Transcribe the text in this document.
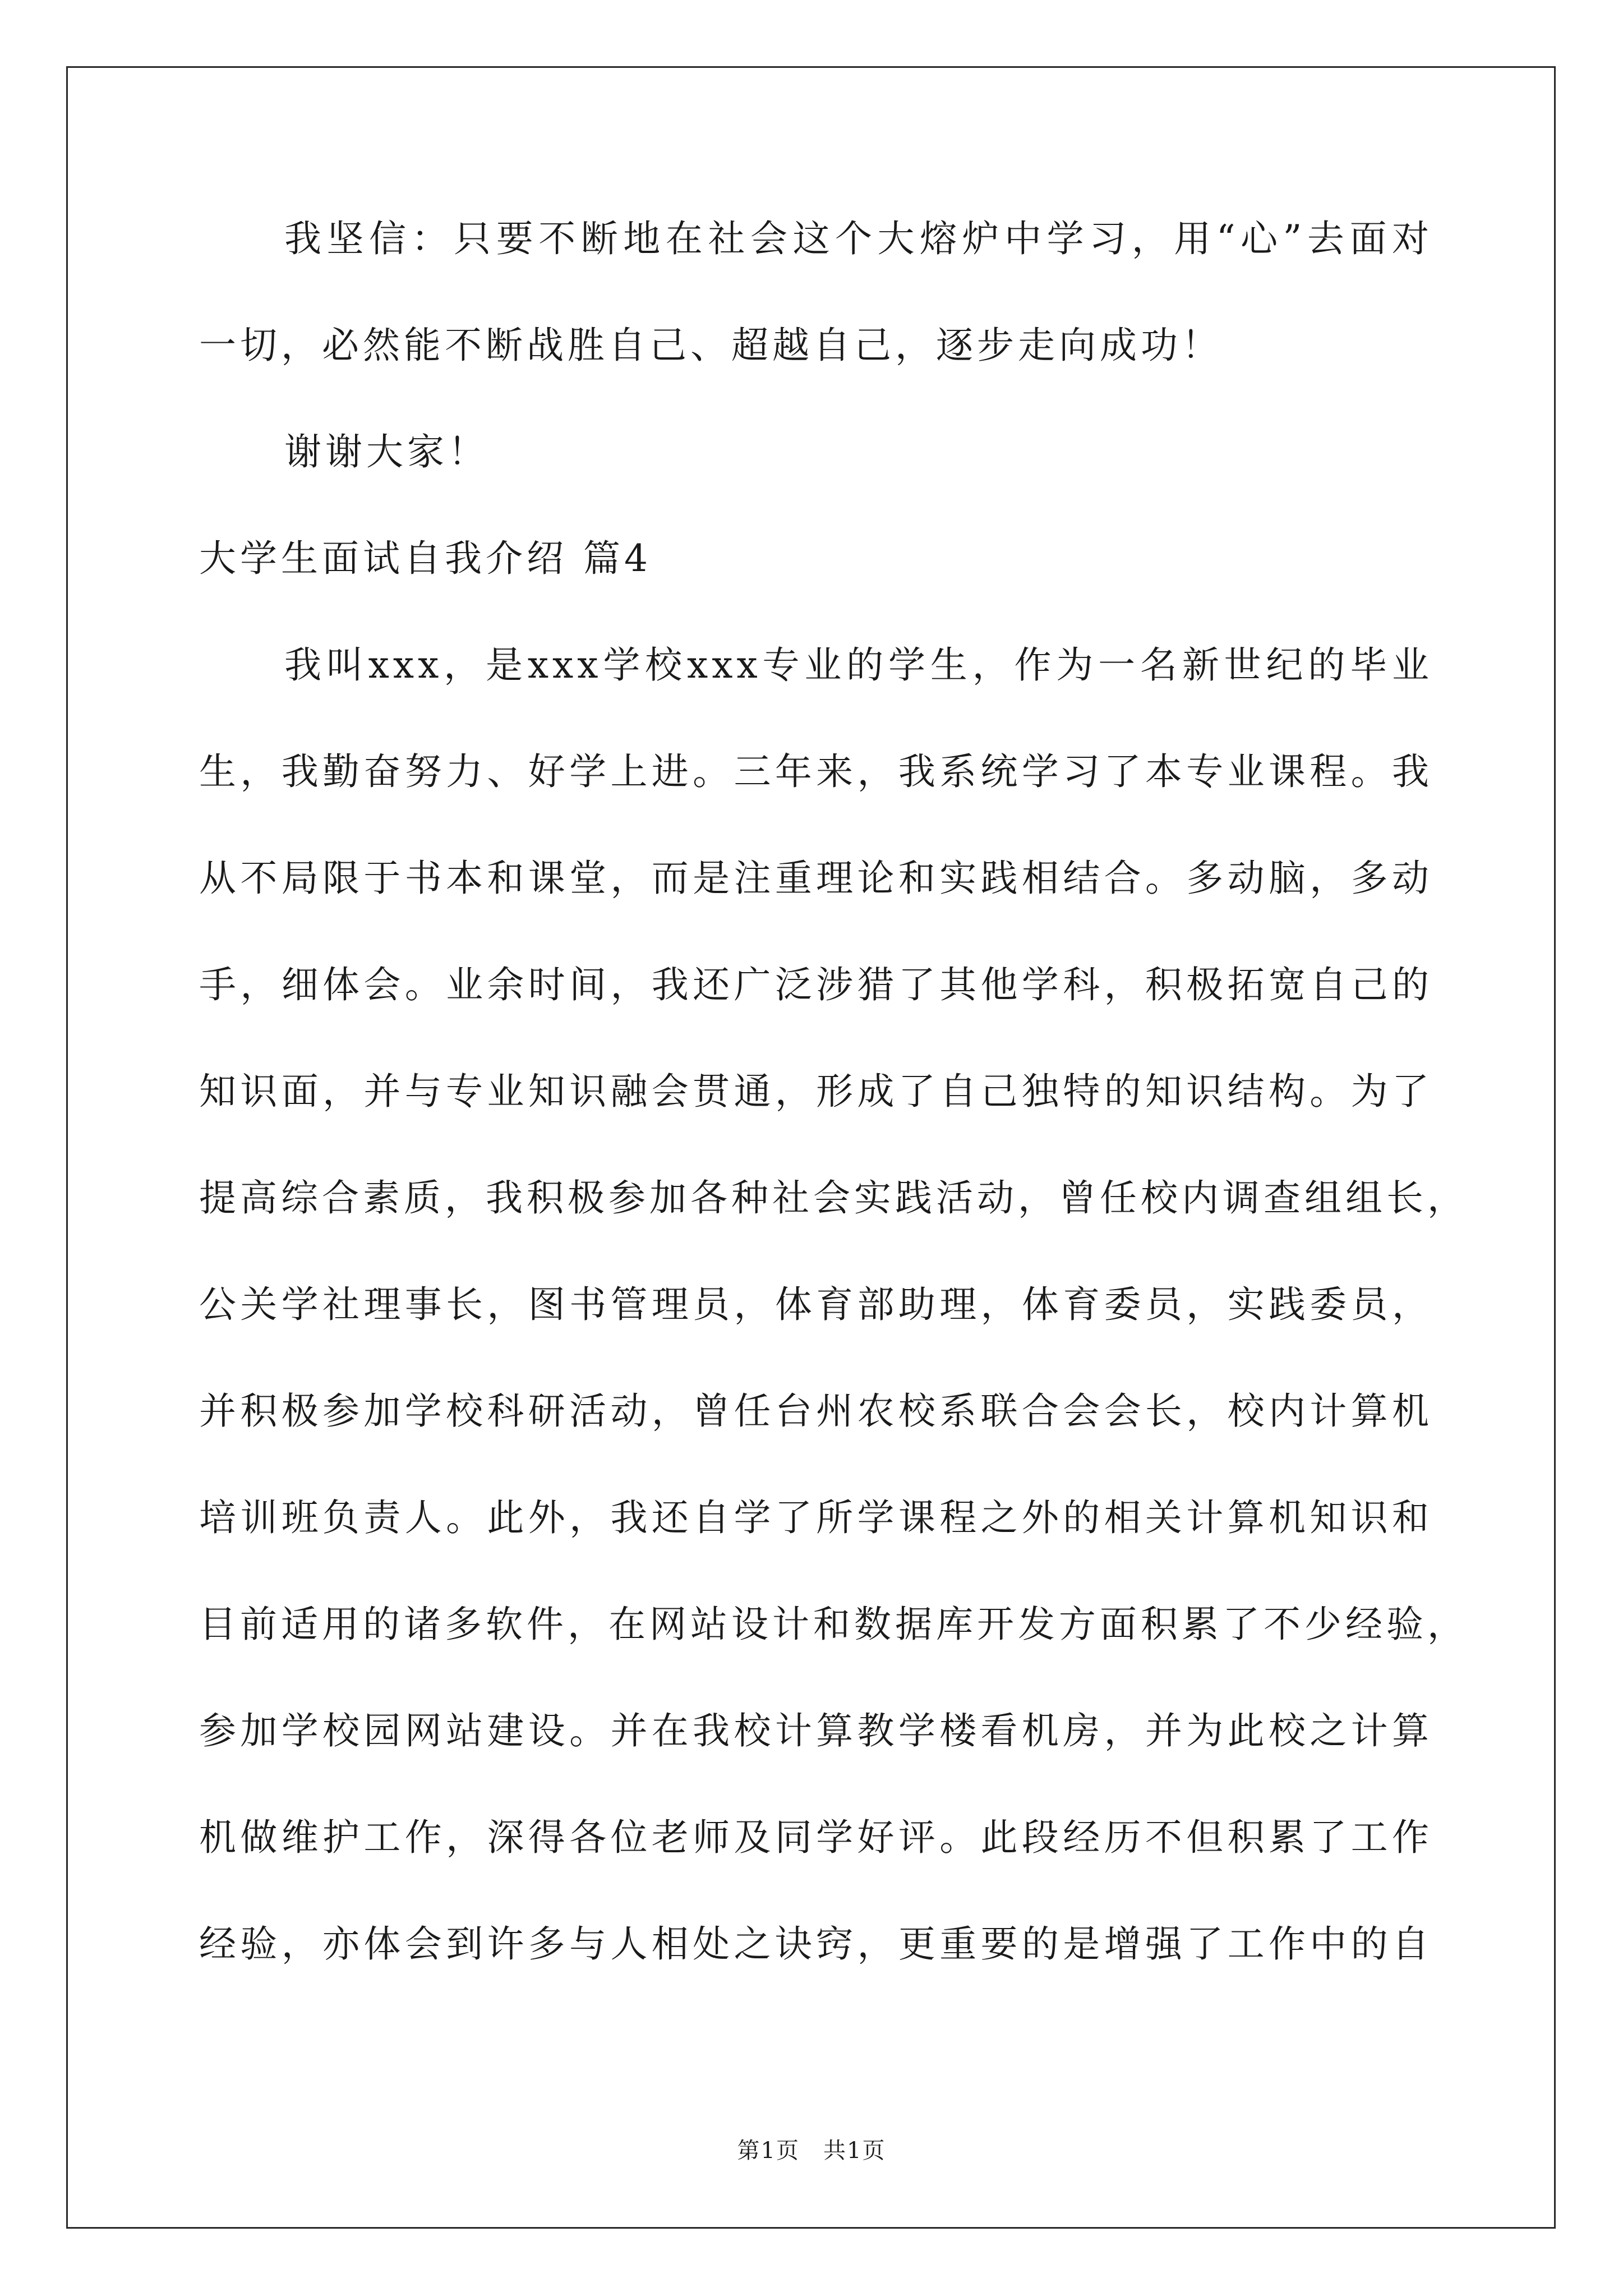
我坚信：只要不断地在社会这个大熔炉中学习，用“心”去面对
一切，必然能不断战胜自己、超越自己，逐步走向成功！
谢谢大家！
大学生面试自我介绍 篇4
我叫xxx，是xxx学校xxx专业的学生，作为一名新世纪的毕业
生，我勤奋努力、好学上进。三年来，我系统学习了本专业课程。我
从不局限于书本和课堂，而是注重理论和实践相结合。多动脑，多动
手，细体会。业余时间，我还广泛涉猎了其他学科，积极拓宽自己的
知识面，并与专业知识融会贯通，形成了自己独特的知识结构。为了
提高综合素质，我积极参加各种社会实践活动，曾任校内调查组组长，
公关学社理事长，图书管理员，体育部助理，体育委员，实践委员，
并积极参加学校科研活动，曾任台州农校系联合会会长，校内计算机
培训班负责人。此外，我还自学了所学课程之外的相关计算机知识和
目前适用的诸多软件，在网站设计和数据库开发方面积累了不少经验，
参加学校园网站建设。并在我校计算教学楼看机房，并为此校之计算
机做维护工作，深得各位老师及同学好评。此段经历不但积累了工作
经验，亦体会到许多与人相处之诀窍，更重要的是增强了工作中的自
第1页　共1页
